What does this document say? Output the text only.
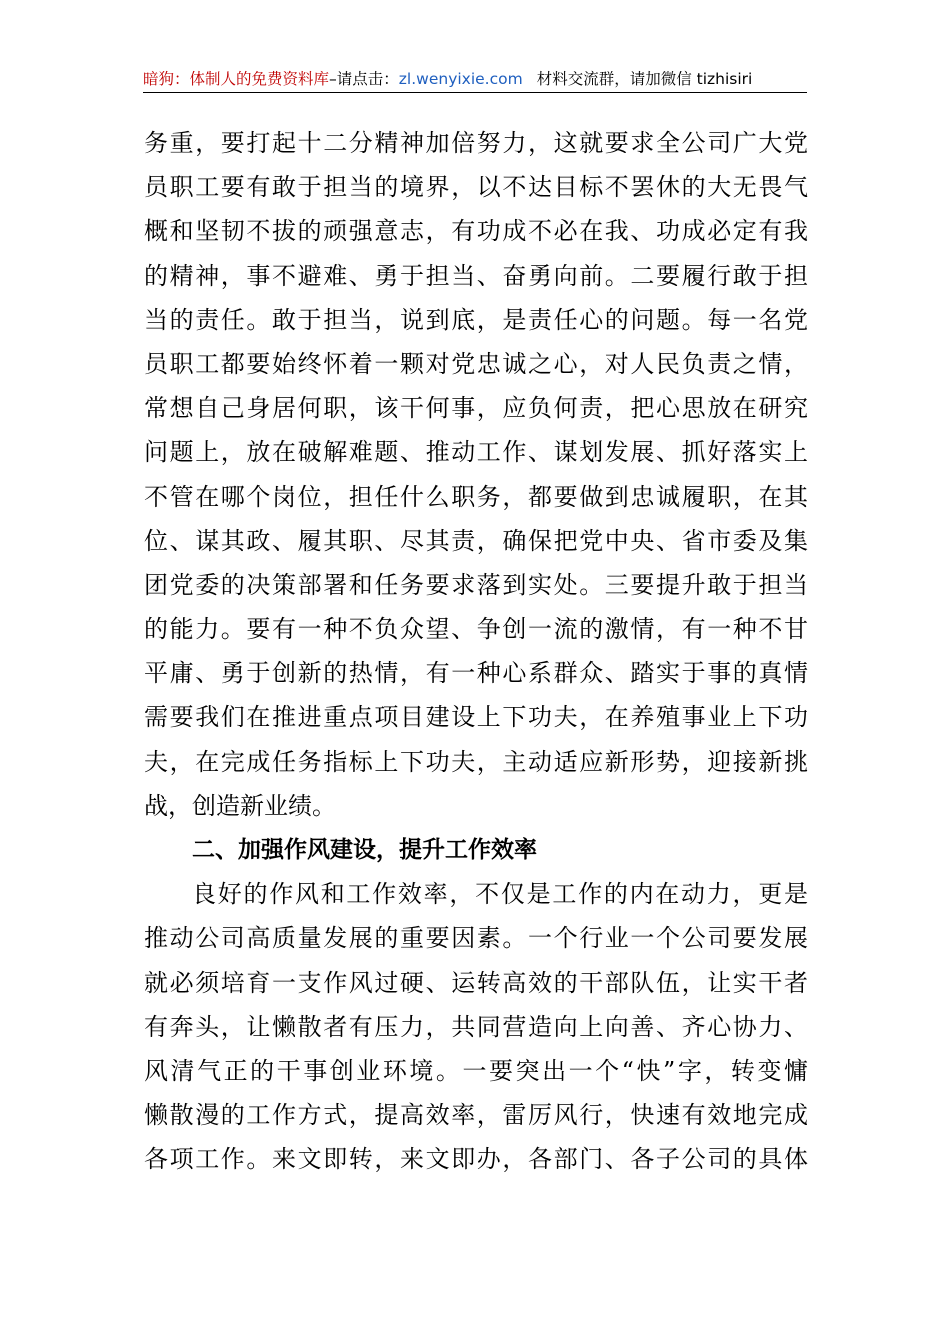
暗狗：体制人的免费资料库–请点击：zl.wenyixie.com 材料交流群，请加微信 tizhisiri
务重，要打起十二分精神加倍努力，这就要求全公司广大党
员职工要有敢于担当的境界，以不达目标不罢休的大无畏气
概和坚韧不拔的顽强意志，有功成不必在我、功成必定有我
的精神，事不避难、勇于担当、奋勇向前。二要履行敢于担
当的责任。敢于担当，说到底，是责任心的问题。每一名党
员职工都要始终怀着一颗对党忠诚之心，对人民负责之情，
常想自己身居何职，该干何事，应负何责，把心思放在研究
问题上，放在破解难题、推动工作、谋划发展、抓好落实上
不管在哪个岗位，担任什么职务，都要做到忠诚履职，在其
位、谋其政、履其职、尽其责，确保把党中央、省市委及集
团党委的决策部署和任务要求落到实处。三要提升敢于担当
的能力。要有一种不负众望、争创一流的激情，有一种不甘
平庸、勇于创新的热情，有一种心系群众、踏实于事的真情
需要我们在推进重点项目建设上下功夫，在养殖事业上下功
夫，在完成任务指标上下功夫，主动适应新形势，迎接新挑
战，创造新业绩。
二、加强作风建设，提升工作效率
良好的作风和工作效率，不仅是工作的内在动力，更是
推动公司高质量发展的重要因素。一个行业一个公司要发展
就必须培育一支作风过硬、运转高效的干部队伍，让实干者
有奔头，让懒散者有压力，共同营造向上向善、齐心协力、
风清气正的干事创业环境。一要突出一个“快”字，转变慵
懒散漫的工作方式，提高效率，雷厉风行，快速有效地完成
各项工作。来文即转，来文即办，各部门、各子公司的具体
